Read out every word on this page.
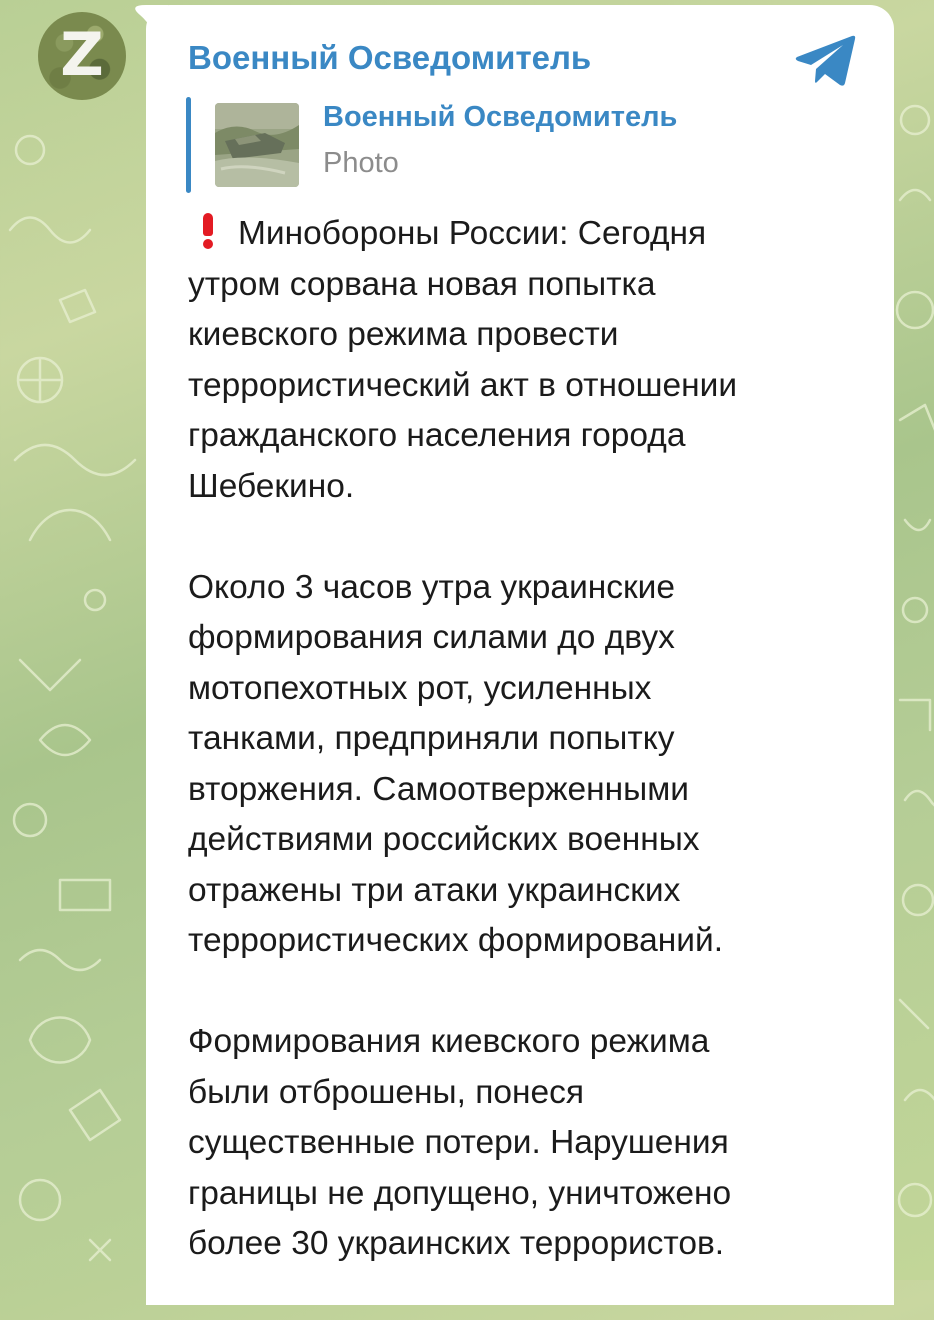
Z	Военный Осведомитель
Военный Осведомитель
Photo

Минобороны России: Сегодня
утром сорвана новая попытка
киевского режима провести
террористический акт в отношении
гражданского населения города
Шебекино.

Около 3 часов утра украинские
формирования силами до двух
мотопехотных рот, усиленных
танками, предприняли попытку
вторжения. Самоотверженными
действиями российских военных
отражены три атаки украинских
террористических формирований.

Формирования киевского режима
были отброшены, понеся
существенные потери. Нарушения
границы не допущено, уничтожено
более 30 украинских террористов.
